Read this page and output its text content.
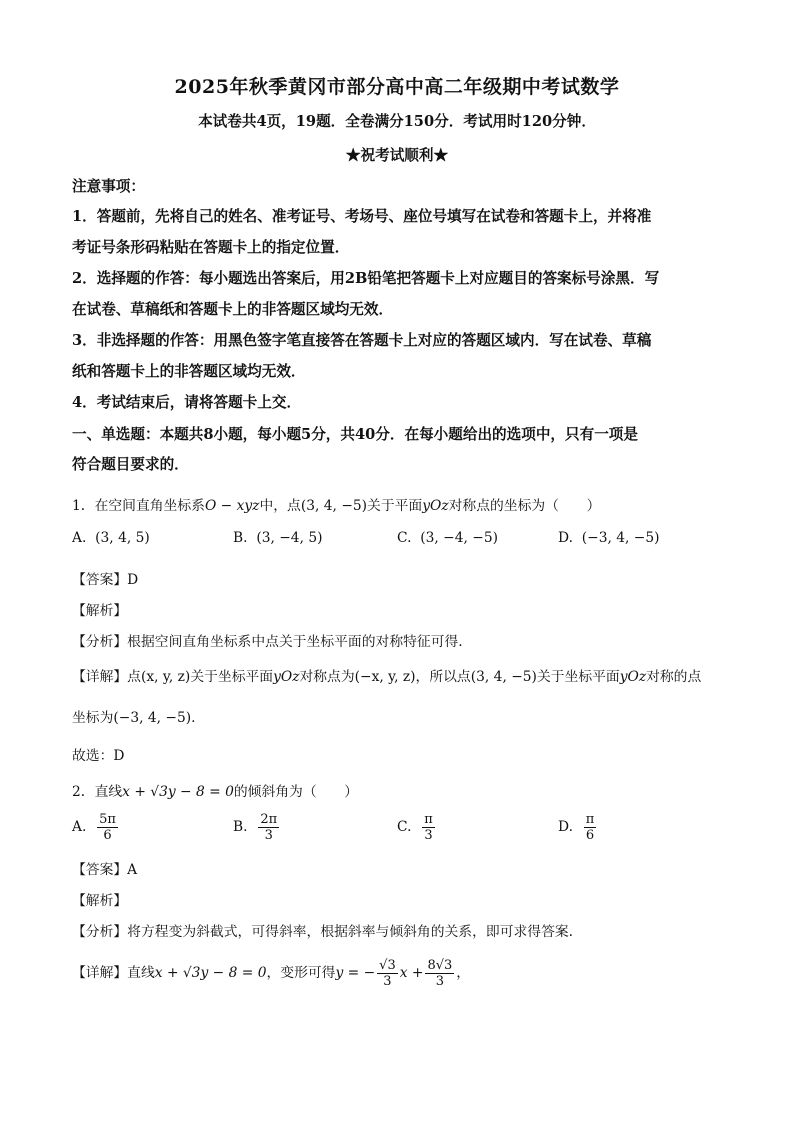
2025年秋季黄冈市部分高中高二年级期中考试数学
本试卷共4页，19题．全卷满分150分．考试用时120分钟．
★祝考试顺利★
注意事项：
1．答题前，先将自己的姓名、准考证号、考场号、座位号填写在试卷和答题卡上，并将准
考证号条形码粘贴在答题卡上的指定位置．
2．选择题的作答：每小题选出答案后，用2B铅笔把答题卡上对应题目的答案标号涂黑．写
在试卷、草稿纸和答题卡上的非答题区域均无效．
3．非选择题的作答：用黑色签字笔直接答在答题卡上对应的答题区域内．写在试卷、草稿
纸和答题卡上的非答题区域均无效．
4．考试结束后，请将答题卡上交．
一、单选题：本题共8小题，每小题5分，共40分．在每小题给出的选项中，只有一项是
符合题目要求的．
1．在空间直角坐标系O − xyz中，点(3, 4, −5)关于平面yOz对称点的坐标为（　　）
A. (3, 4, 5)	B. (3, −4, 5)	C. (3, −4, −5)	D. (−3, 4, −5)
【答案】D
【解析】
【分析】根据空间直角坐标系中点关于坐标平面的对称特征可得.
【详解】点(x, y, z)关于坐标平面yOz对称点为(−x, y, z)，所以点(3, 4, −5)关于坐标平面yOz对称的点
坐标为(−3, 4, −5).
故选：D
2．直线x + √3y − 8 = 0的倾斜角为（　　）
A. $\frac{5\pi}{6}$	B. $\frac{2\pi}{3}$	C. $\frac{\pi}{3}$	D. $\frac{\pi}{6}$
【答案】A
【解析】
【分析】将方程变为斜截式，可得斜率，根据斜率与倾斜角的关系，即可求得答案.
【详解】直线x + √3y − 8 = 0，变形可得y = − $\frac{√3}{3}$ $x + \frac{8√3}{3}$ ，
